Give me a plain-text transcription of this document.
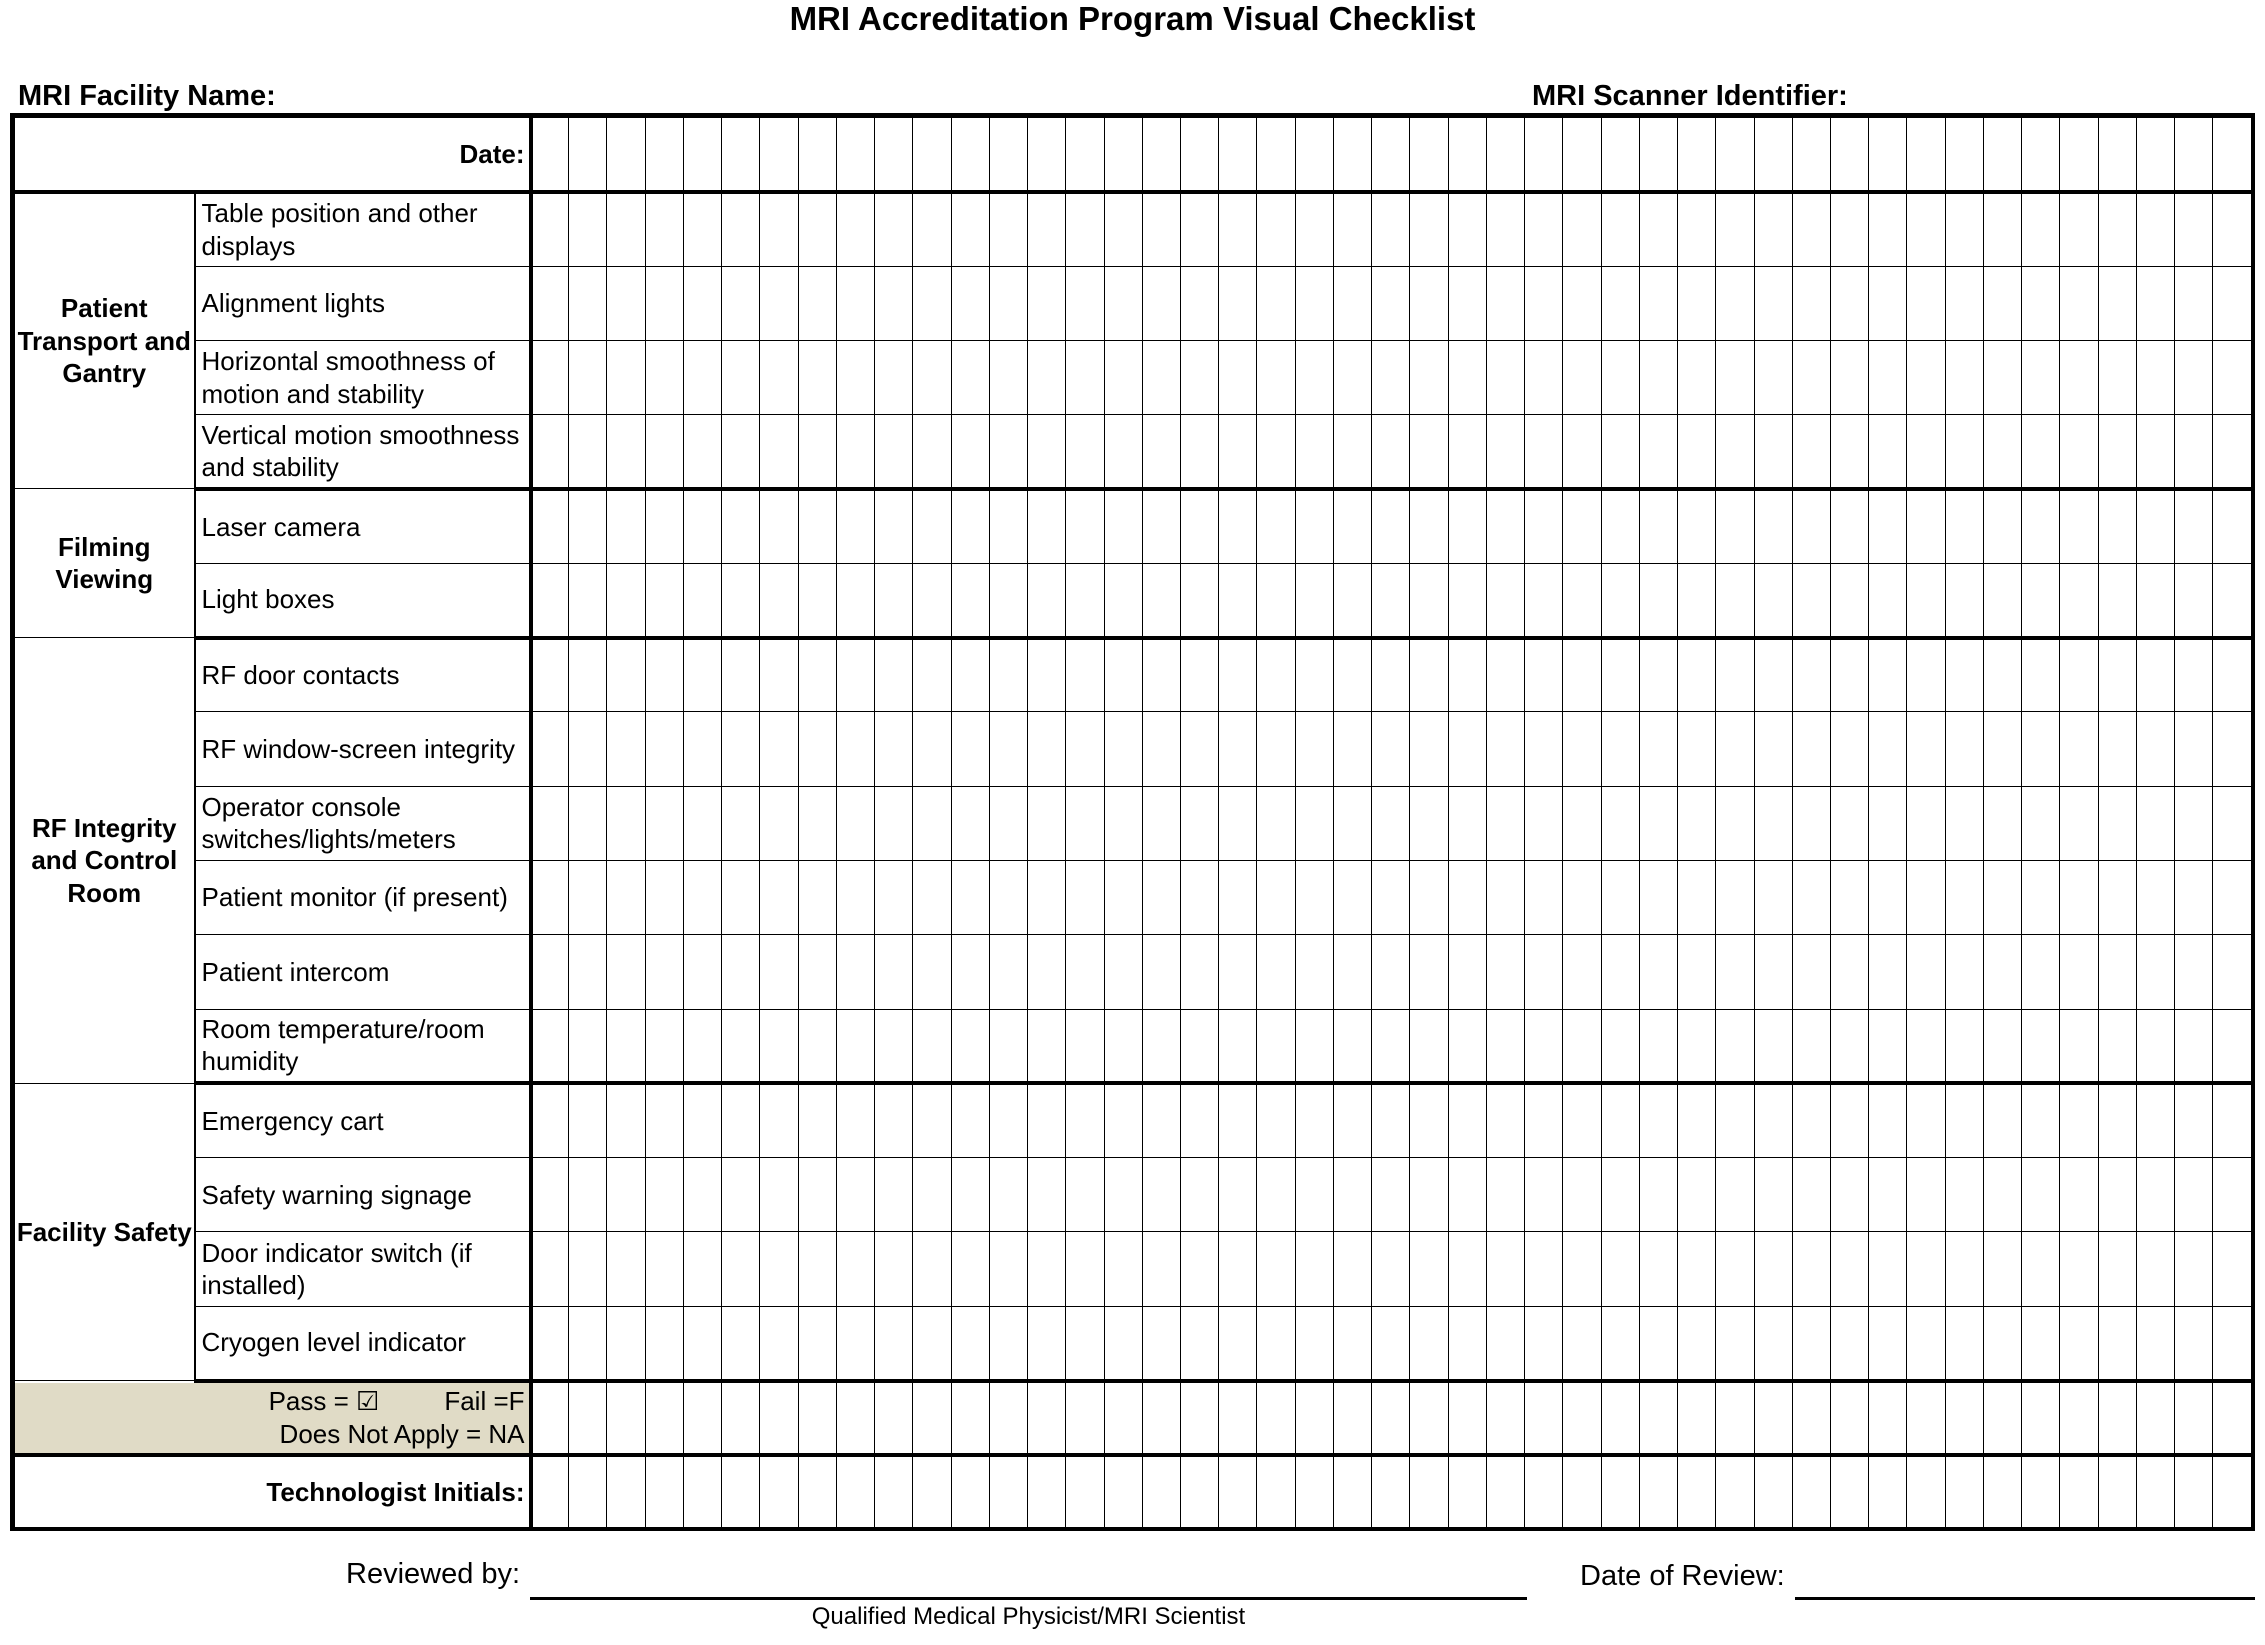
MRI Accreditation Program Visual Checklist
MRI Facility Name:	MRI Scanner Identifier:
Date:																																														
Patient Transport and Gantry	Table position and other displays																																													
	Alignment lights																																													
	Horizontal smoothness of motion and stability																																													
	Vertical motion smoothness and stability																																													
Filming Viewing	Laser camera																																													
	Light boxes																																													
RF Integrity and Control Room	RF door contacts																																													
	RF window-screen integrity																																													
	Operator console switches/lights/meters																																													
	Patient monitor (if present)																																													
	Patient intercom																																													
	Room temperature/room humidity																																													
Facility Safety	Emergency cart																																													
	Safety warning signage																																													
	Door indicator switch (if installed)																																													
	Cryogen level indicator																																													

Pass = ☑ Fail =F
Does Not Apply = NA																																														

Technologist Initials:																																														
Reviewed by:
Qualified Medical Physicist/MRI Scientist
Date of Review:
